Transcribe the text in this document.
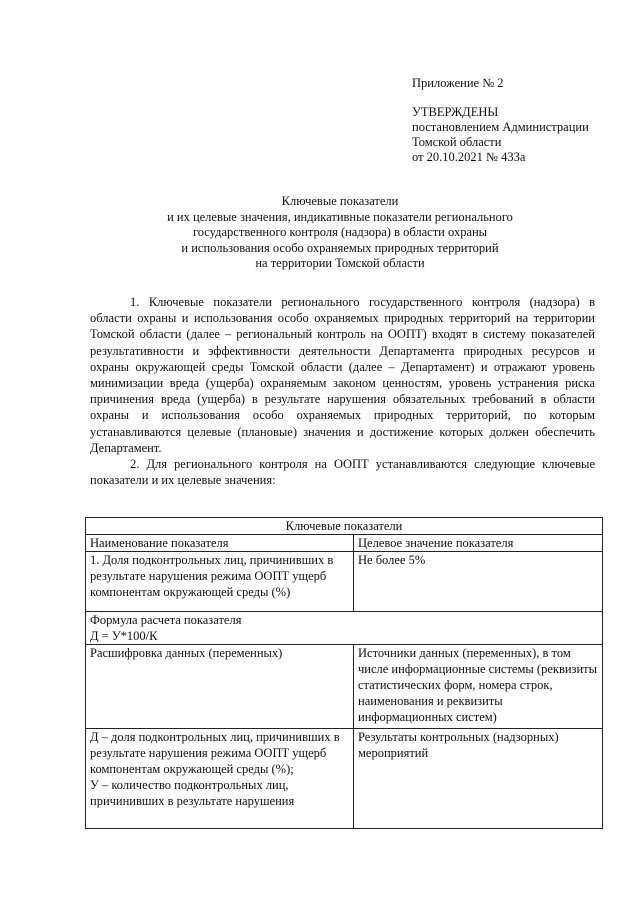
Приложение № 2
УТВЕРЖДЕНЫ
постановлением Администрации
Томской области
от 20.10.2021 № 433а
Ключевые показатели
и их целевые значения, индикативные показатели регионального
государственного контроля (надзора) в области охраны
и использования особо охраняемых природных территорий
на территории Томской области

1. Ключевые показатели регионального государственного контроля (надзора) в области охраны и использования особо охраняемых природных территорий на территории Томской области (далее – региональный контроль на ООПТ) входят в систему показателей результативности и эффективности деятельности Департамента природных ресурсов и охраны окружающей среды Томской области (далее – Департамент) и отражают уровень минимизации вреда (ущерба) охраняемым законом ценностям, уровень устранения риска причинения вреда (ущерба) в результате нарушения обязательных требований в области охраны и использования особо охраняемых природных территорий, по которым устанавливаются целевые (плановые) значения и достижение которых должен обеспечить Департамент.

2. Для регионального контроля на ООПТ устанавливаются следующие ключевые показатели и их целевые значения:

Ключевые показатели	
Наименование показателя	Целевое значение показателя
1. Доля подконтрольных лиц, причинивших в результате нарушения режима ООПТ ущерб компонентам окружающей среды (%)	Не более 5%

Формула расчета показателя
Д = У*100/К	

Расшифровка данных (переменных)	Источники данных (переменных), в том числе информационные системы (реквизиты статистических форм, номера строк, наименования и реквизиты информационных систем)

Д – доля подконтрольных лиц, причинивших в результате нарушения режима ООПТ ущерб компонентам окружающей среды (%);
У – количество подконтрольных лиц, причинивших в результате нарушения	Результаты контрольных (надзорных) мероприятий
